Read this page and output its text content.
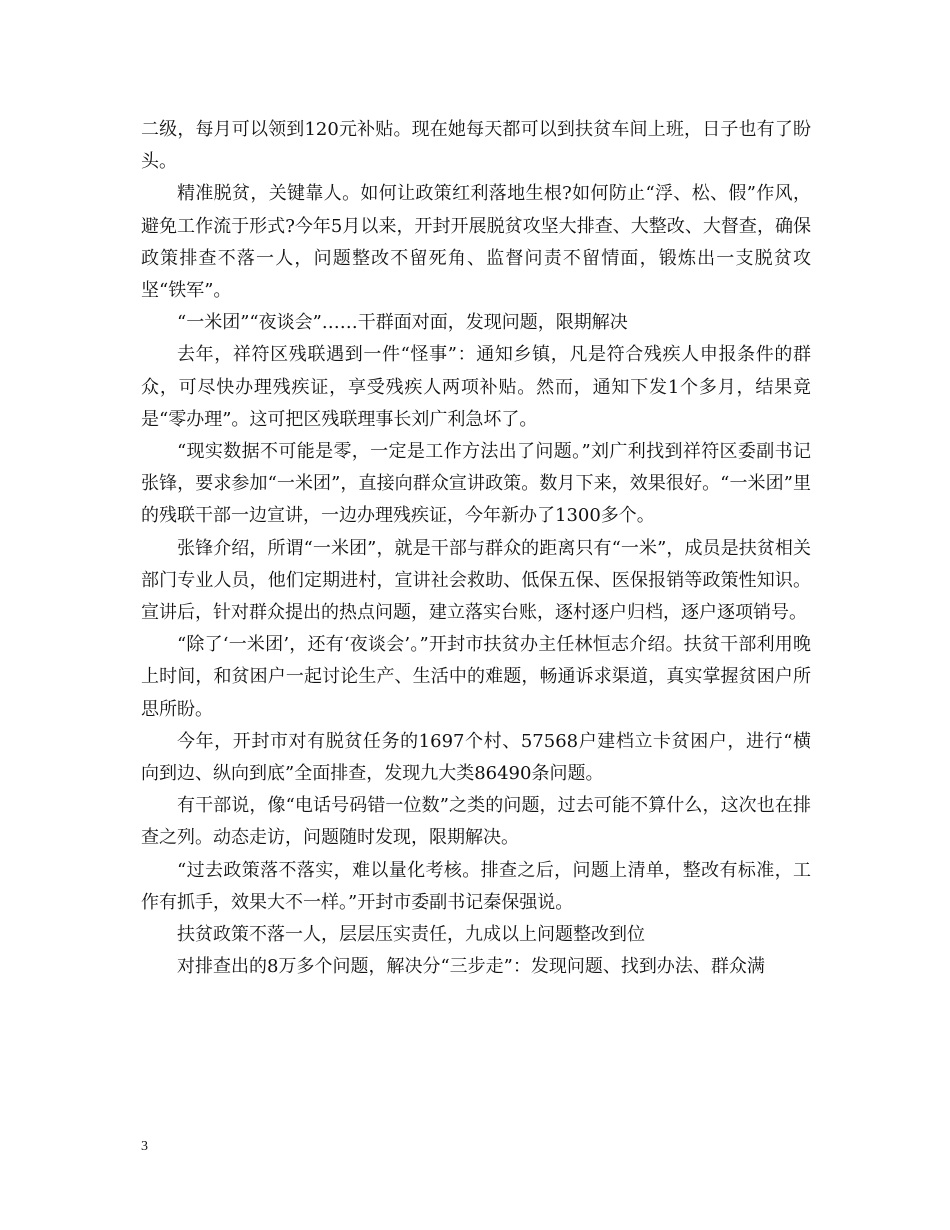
二级，每月可以领到120元补贴。现在她每天都可以到扶贫车间上班，日子也有了盼头。

精准脱贫，关键靠人。如何让政策红利落地生根?如何防止“浮、松、假”作风，避免工作流于形式?今年5月以来，开封开展脱贫攻坚大排查、大整改、大督查，确保政策排查不落一人，问题整改不留死角、监督问责不留情面，锻炼出一支脱贫攻坚“铁军”。

“一米团”“夜谈会”……干群面对面，发现问题，限期解决

去年，祥符区残联遇到一件“怪事”：通知乡镇，凡是符合残疾人申报条件的群众，可尽快办理残疾证，享受残疾人两项补贴。然而，通知下发1个多月，结果竟是“零办理”。这可把区残联理事长刘广利急坏了。

“现实数据不可能是零，一定是工作方法出了问题。”刘广利找到祥符区委副书记张锋，要求参加“一米团”，直接向群众宣讲政策。数月下来，效果很好。“一米团”里的残联干部一边宣讲，一边办理残疾证，今年新办了1300多个。

张锋介绍，所谓“一米团”，就是干部与群众的距离只有“一米”，成员是扶贫相关部门专业人员，他们定期进村，宣讲社会救助、低保五保、医保报销等政策性知识。宣讲后，针对群众提出的热点问题，建立落实台账，逐村逐户归档，逐户逐项销号。

“除了‘一米团’，还有‘夜谈会’。”开封市扶贫办主任林恒志介绍。扶贫干部利用晚上时间，和贫困户一起讨论生产、生活中的难题，畅通诉求渠道，真实掌握贫困户所思所盼。

今年，开封市对有脱贫任务的1697个村、57568户建档立卡贫困户，进行“横向到边、纵向到底”全面排查，发现九大类86490条问题。

有干部说，像“电话号码错一位数”之类的问题，过去可能不算什么，这次也在排查之列。动态走访，问题随时发现，限期解决。

“过去政策落不落实，难以量化考核。排查之后，问题上清单，整改有标准，工作有抓手，效果大不一样。”开封市委副书记秦保强说。

扶贫政策不落一人，层层压实责任，九成以上问题整改到位

对排查出的8万多个问题，解决分“三步走”：发现问题、找到办法、群众满

3
